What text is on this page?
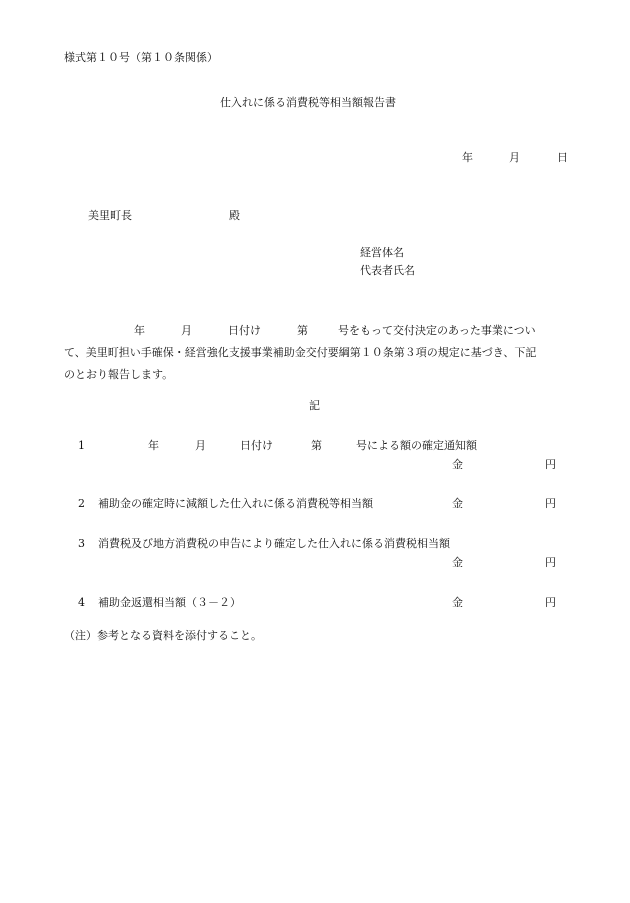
様式第１０号（第１０条関係）

仕入れに係る消費税等相当額報告書

年	月	日
美里町長	殿
経営体名
代表者氏名
年	月	日付け	第	号をもって交付決定のあった事業につい
て、美里町担い手確保・経営強化支援事業補助金交付要綱第１０条第３項の規定に基づき、下記
のとおり報告します。

記

1	年	月	日付け	第	号による額の確定通知額
金	円
2 補助金の確定時に減額した仕入れに係る消費税等相当額	金	円
3 消費税及び地方消費税の申告により確定した仕入れに係る消費税相当額
金	円
4 補助金返還相当額（３－２）	金	円

（注）参考となる資料を添付すること。
